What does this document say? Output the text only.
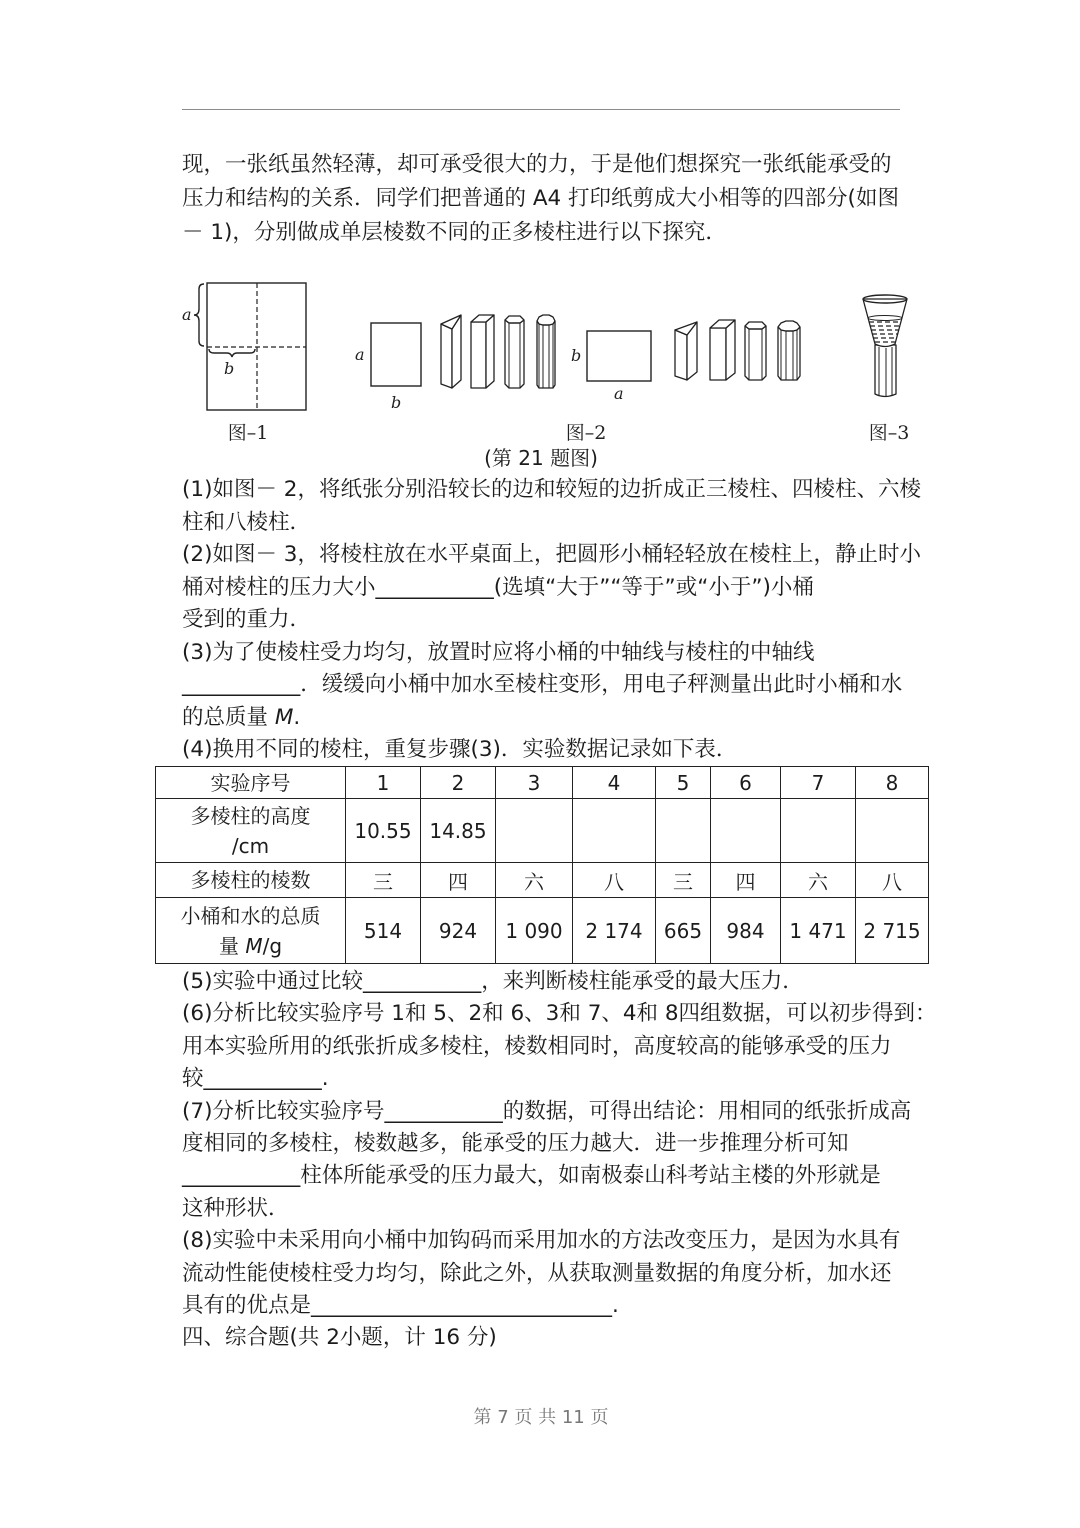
现，一张纸虽然轻薄，却可承受很大的力，于是他们想探究一张纸能承受的
压力和结构的关系．同学们把普通的 A4 打印纸剪成大小相等的四部分(如图
－ 1)，分别做成单层棱数不同的正多棱柱进行以下探究．
a
b
图–1
a
b
b
a
图–2	图–3
(第 21 题图)
(1)如图－ 2，将纸张分别沿较长的边和较短的边折成正三棱柱、四棱柱、六棱
柱和八棱柱．
(2)如图－ 3，将棱柱放在水平桌面上，把圆形小桶轻轻放在棱柱上，静止时小
桶对棱柱的压力大小___________(选填“大于”“等于”或“小于”)小桶
受到的重力．
(3)为了使棱柱受力均匀，放置时应将小桶的中轴线与棱柱的中轴线
___________．缓缓向小桶中加水至棱柱变形，用电子秤测量出此时小桶和水
的总质量 M.
(4)换用不同的棱柱，重复步骤(3)．实验数据记录如下表．
实验序号	1	2	3	4	5	6	7	8
多棱柱的高度
/cm	10.55	14.85						
多棱柱的棱数	三	四	六	八	三	四	六	八
小桶和水的总质
量 M/g	514	924	1 090	2 174	665	984	1 471	2 715
(5)实验中通过比较___________，来判断棱柱能承受的最大压力．
(6)分析比较实验序号 1和 5、2和 6、3和 7、4和 8四组数据，可以初步得到：
用本实验所用的纸张折成多棱柱，棱数相同时，高度较高的能够承受的压力
较___________.
(7)分析比较实验序号___________的数据，可得出结论：用相同的纸张折成高
度相同的多棱柱，棱数越多，能承受的压力越大．进一步推理分析可知
___________柱体所能承受的压力最大，如南极泰山科考站主楼的外形就是
这种形状．
(8)实验中未采用向小桶中加钩码而采用加水的方法改变压力，是因为水具有
流动性能使棱柱受力均匀，除此之外，从获取测量数据的角度分析，加水还
具有的优点是____________________________.
四、综合题(共 2小题，计 16 分)
第 7 页 共 11 页
